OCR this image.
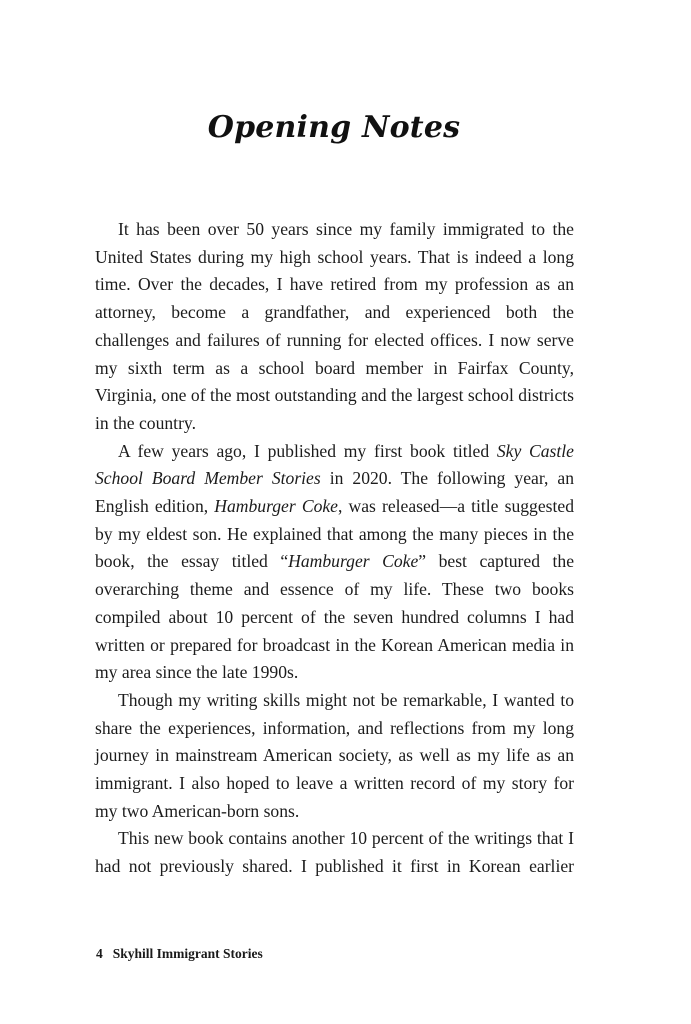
Opening Notes

It has been over 50 years since my family immigrated to the United States during my high school years. That is indeed a long time. Over the decades, I have retired from my profession as an attorney, become a grandfather, and experienced both the challenges and failures of running for elected offices. I now serve my sixth term as a school board member in Fairfax County, Virginia, one of the most outstanding and the largest school districts in the country.

A few years ago, I published my first book titled Sky Castle School Board Member Stories in 2020. The following year, an English edition, Hamburger Coke, was released—a title suggested by my eldest son. He explained that among the many pieces in the book, the essay titled “Hamburger Coke” best captured the overarching theme and essence of my life. These two books compiled about 10 percent of the seven hundred columns I had written or prepared for broadcast in the Korean American media in my area since the late 1990s.

Though my writing skills might not be remarkable, I wanted to share the experiences, information, and reflections from my long journey in mainstream American society, as well as my life as an immigrant. I also hoped to leave a written record of my story for my two American-born sons.

This new book contains another 10 percent of the writings that I had not previously shared. I published it first in Korean earlier

4 Skyhill Immigrant Stories
